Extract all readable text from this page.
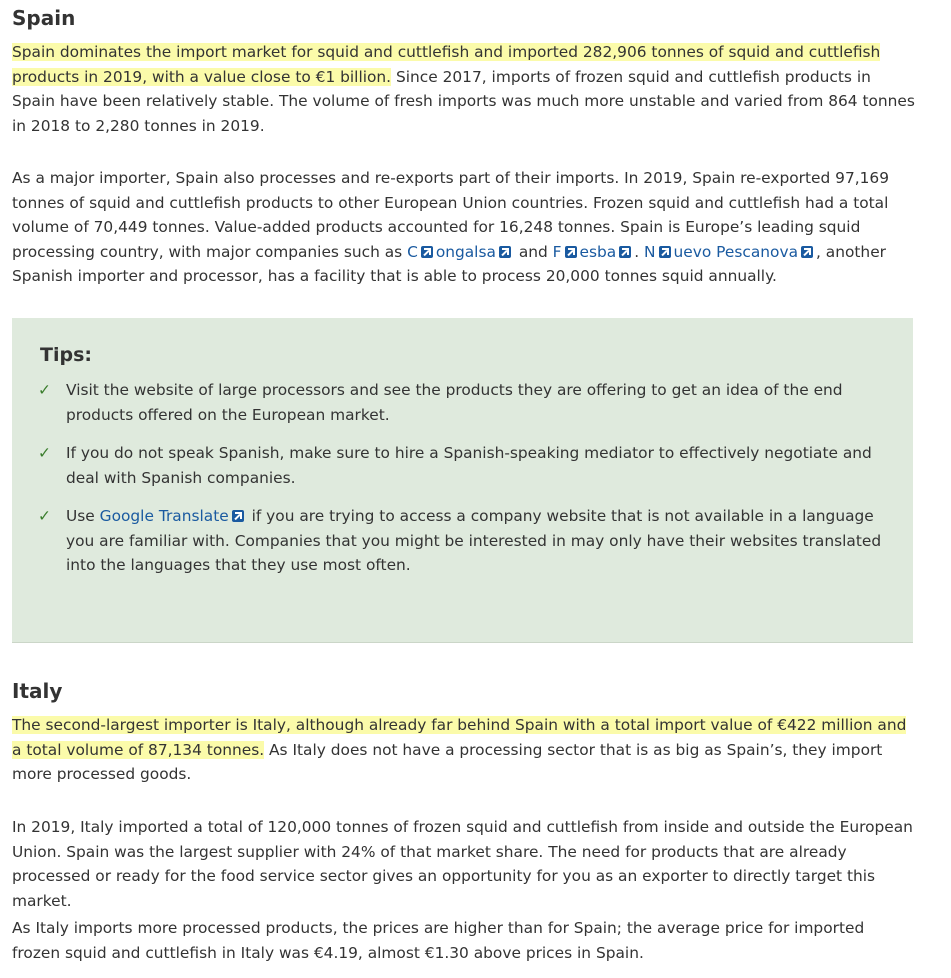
Spain

Spain dominates the import market for squid and cuttlefish and imported 282,906 tonnes of squid and cuttlefish products in 2019, with a value close to €1 billion. Since 2017, imports of frozen squid and cuttlefish products in Spain have been relatively stable. The volume of fresh imports was much more unstable and varied from 864 tonnes in 2018 to 2,280 tonnes in 2019.

As a major importer, Spain also processes and re-exports part of their imports. In 2019, Spain re-exported 97,169 tonnes of squid and cuttlefish products to other European Union countries. Frozen squid and cuttlefish had a total volume of 70,449 tonnes. Value-added products accounted for 16,248 tonnes. Spain is Europe’s leading squid processing country, with major companies such as C ongalsa and F esba . N uevo Pescanova , another Spanish importer and processor, has a facility that is able to process 20,000 tonnes squid annually.

Tips:
✓ Visit the website of large processors and see the products they are offering to get an idea of the end products offered on the European market.
✓ If you do not speak Spanish, make sure to hire a Spanish-speaking mediator to effectively negotiate and deal with Spanish companies.
✓ Use Google Translate if you are trying to access a company website that is not available in a language you are familiar with. Companies that you might be interested in may only have their websites translated into the languages that they use most often.
Italy

The second-largest importer is Italy, although already far behind Spain with a total import value of €422 million and a total volume of 87,134 tonnes. As Italy does not have a processing sector that is as big as Spain’s, they import more processed goods.

In 2019, Italy imported a total of 120,000 tonnes of frozen squid and cuttlefish from inside and outside the European Union. Spain was the largest supplier with 24% of that market share. The need for products that are already processed or ready for the food service sector gives an opportunity for you as an exporter to directly target this market.

As Italy imports more processed products, the prices are higher than for Spain; the average price for imported frozen squid and cuttlefish in Italy was €4.19, almost €1.30 above prices in Spain.
